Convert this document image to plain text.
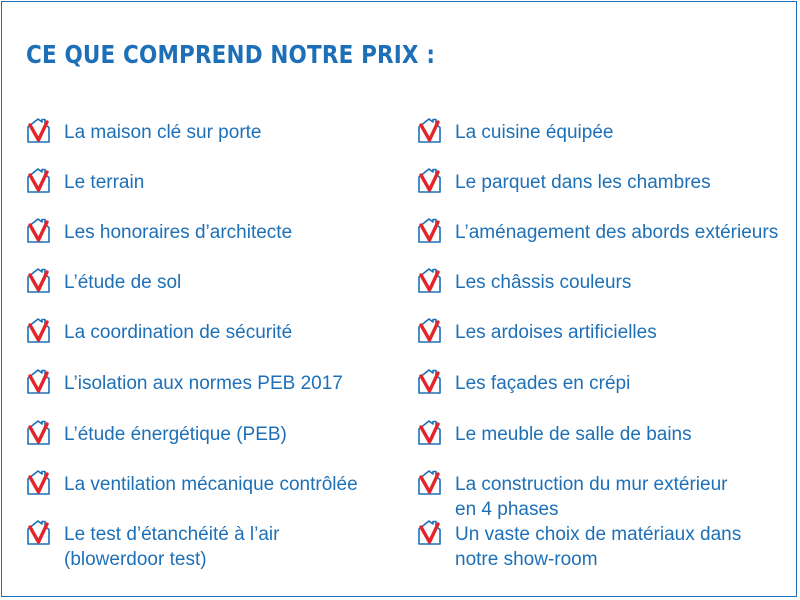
CE QUE COMPREND NOTRE PRIX :
La maison clé sur porte
Le terrain
Les honoraires d’architecte
L’étude de sol
La coordination de sécurité
L’isolation aux normes PEB 2017
L’étude énergétique (PEB)
La ventilation mécanique contrôlée
Le test d’étanchéité à l’air
(blowerdoor test)
La cuisine équipée
Le parquet dans les chambres
L’aménagement des abords extérieurs
Les châssis couleurs
Les ardoises artificielles
Les façades en crépi
Le meuble de salle de bains
La construction du mur extérieur
en 4 phases
Un vaste choix de matériaux dans
notre show-room
